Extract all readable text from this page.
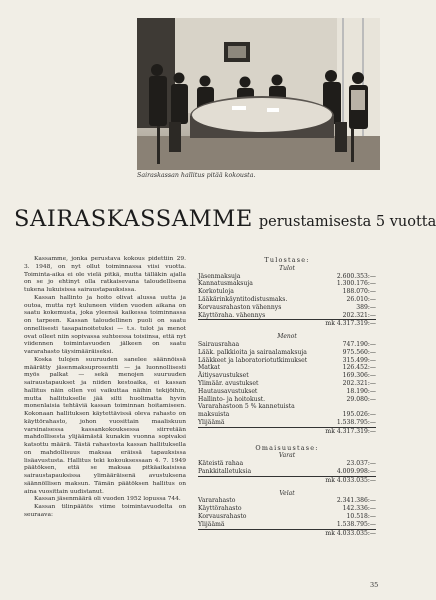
Sairaskassan hallitus pitää kokousta.
SAIRASKASSAMME perustamisesta 5 vuotta

Kassamme, jonka perustava kokous pidettiin 29. 3. 1948, on nyt ollut toiminnassa viisi vuotta. Toiminta-aika ei ole vielä pitkä, mutta tälläkin ajalla on se jo ehtinyt olla ratkaisevana taloudellisena tukena lukuisissa sairaustapauksissa.

Kassan hallinto ja hoito olivat alussa uutta ja outoa, mutta nyt kuluneen viiden vuoden aikana on saatu kokemusta, joka yleensä kaikessa toiminnassa on tarpeen. Kassan taloudellinen puoli on saatu onnellisesti tasapainoitetuksi — t.s. tulot ja menot ovat olleet niin sopivassa suhteessa toisiinsa, että nyt viidennen toimintavuoden jälkeen on saatu vararahasto täysimääräiseksi.

Koska tulojen suuruuden sanelee säännöissä määrätty jäsenmaksuprosentti — ja luonnollisesti myös palkat — sekä menojen suuruuden sairaustapaukset ja niiden kestoaika, ei kassan hallitus näin ollen voi vaikuttaa näihin tekijöihin, mutta hallitukselle jää silti huolimatta hyvin monenlaisia tehtäviä kassan toiminnan hoitamiseen. Kokonaan hallituksen käytettävissä oleva rahasto on käyttörahasto, johon vuosittain maaliskuun varsinaisessa kassankokouksessa siirretään mahdollisesta ylijäämästä kunakin vuonna sopivaksi katsottu määrä. Tästä rahastosta kassan hallituksella on mahdollisuus maksaa eräissä tapauksissa lisäavustusta. Hallitus teki kokouksessaan 4. 7. 1949 päätöksen, että se maksaa pitkäaikaisissa sairaustapauksissa ylimääräisenä avustuksena säännöllisen maksun. Tämän päätöksen hallitus on aina vuosittain uudistanut.

Kassan jäsenmäärä oli vuoden 1952 lopussa 744.

Kassan tilinpäätös viime toimintavuodelta on seuraava:

Tulostase:
Tulot
Jäsenmaksuja	2.600.353:—
Kannatusmaksuja	1.300.176:—
Korkotuloja	188.070:—
Lääkärinkäyntitodistusmaks.	26.010:—
Korvausrahaston vähennys	389:—
Käyttöraha. vähennys	202.321:—
mk 4.317.319:—
Menot
Sairausrahaa	747.190:—
Lääk. palkkioita ja sairaalamaksuja	975.560:—
Lääkkeet ja laboratoriotutkimukset	315.499:—
Matkat	126.452:—
Äitiysavustukset	169.306:—
Ylimäär. avustukset	202.321:—
Hautausavustukset	18.190:—
Hallinto- ja hoitokust.	29.080:—
Vararahastoon 5 % kannetuista maksuista	195.026:—
Ylijäämä	1.538.795:—
mk 4.317.319:—
Omaisuustase:
Varat
Käteistä rahaa	23.037:—
Pankkitalletuksia	4.009.998:—
mk 4.033.035:—
Velat
Vararahasto	2.341.386:—
Käyttörahasto	142.336:—
Korvausrahasto	10.518:—
Ylijäämä	1.538.795:—
mk 4.033.035:—
35
